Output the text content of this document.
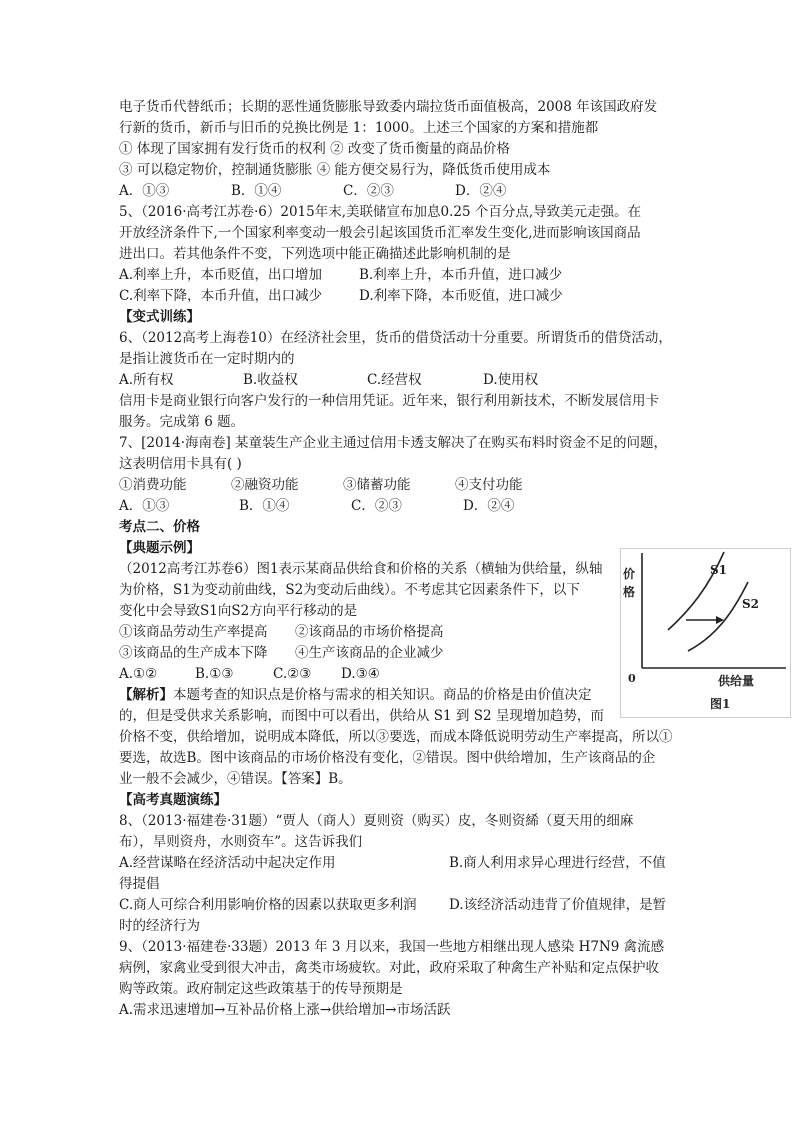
电子货币代替纸币；长期的恶性通货膨胀导致委内瑞拉货币面值极高，2008 年该国政府发
行新的货币，新币与旧币的兑换比例是 1：1000。上述三个国家的方案和措施都
① 体现了国家拥有发行货币的权利 ② 改变了货币衡量的商品价格
③ 可以稳定物价，控制通货膨胀 ④ 能方便交易行为，降低货币使用成本
A．①③	B．①④	C．②③	D．②④
5、（2016·高考江苏卷·6）2015年末,美联储宣布加息0.25 个百分点,导致美元走强。在
开放经济条件下,一个国家利率变动一般会引起该国货币汇率发生变化,进而影响该国商品
进出口。若其他条件不变，下列选项中能正确描述此影响机制的是
A.利率上升，本币贬值，出口增加	B.利率上升，本币升值，进口减少
C.利率下降，本币升值，出口减少	D.利率下降，本币贬值，进口减少
【变式训练】
6、（2012高考上海卷10）在经济社会里，货币的借贷活动十分重要。所谓货币的借贷活动，
是指让渡货币在一定时期内的
A.所有权	B.收益权	C.经营权	D.使用权
信用卡是商业银行向客户发行的一种信用凭证。近年来，银行利用新技术，不断发展信用卡
服务。完成第 6 题。
7、[2014·海南卷] 某童装生产企业主通过信用卡透支解决了在购买布料时资金不足的问题，
这表明信用卡具有( )
①消费功能	②融资功能	③储蓄功能	④支付功能
A．①③	B．①④	C．②③	D．②④
考点二、价格
【典题示例】
（2012高考江苏卷6）图1表示某商品供给食和价格的关系（横轴为供给量，纵轴
为价格，S1为变动前曲线，S2为变动后曲线）。不考虑其它因素条件下，以下
变化中会导致S1向S2方向平行移动的是
①该商品劳动生产率提高 ②该商品的市场价格提高
③该商品的生产成本下降 ④生产该商品的企业减少
A.①②	B.①③	C.②③ D.③④
【解析】本题考查的知识点是价格与需求的相关知识。商品的价格是由价值决定
的，但是受供求关系影响，而图中可以看出，供给从 S1 到 S2 呈现增加趋势，而
价格不变，供给增加，说明成本降低，所以③要选，而成本降低说明劳动生产率提高，所以①
要选，故选B。图中该商品的市场价格没有变化，②错误。图中供给增加，生产该商品的企
业一般不会减少，④错误。【答案】B。
【高考真题演练】
8、（2013·福建卷·31题）“贾人（商人）夏则资（购买）皮，冬则资絺（夏天用的细麻
布），旱则资舟，水则资车”。这告诉我们
A.经营谋略在经济活动中起决定作用	B.商人利用求异心理进行经营，不值
得提倡
C.商人可综合利用影响价格的因素以获取更多利润 D.该经济活动违背了价值规律，是暂
时的经济行为
9、（2013·福建卷·33题）2013 年 3 月以来，我国一些地方相继出现人感染 H7N9 禽流感
病例，家禽业受到很大冲击，禽类市场疲软。对此，政府采取了种禽生产补贴和定点保护收
购等政策。政府制定这些政策基于的传导预期是
A.需求迅速增加→互补品价格上涨→供给增加→市场活跃
价
格
S1
S2
0	供给量
图1
